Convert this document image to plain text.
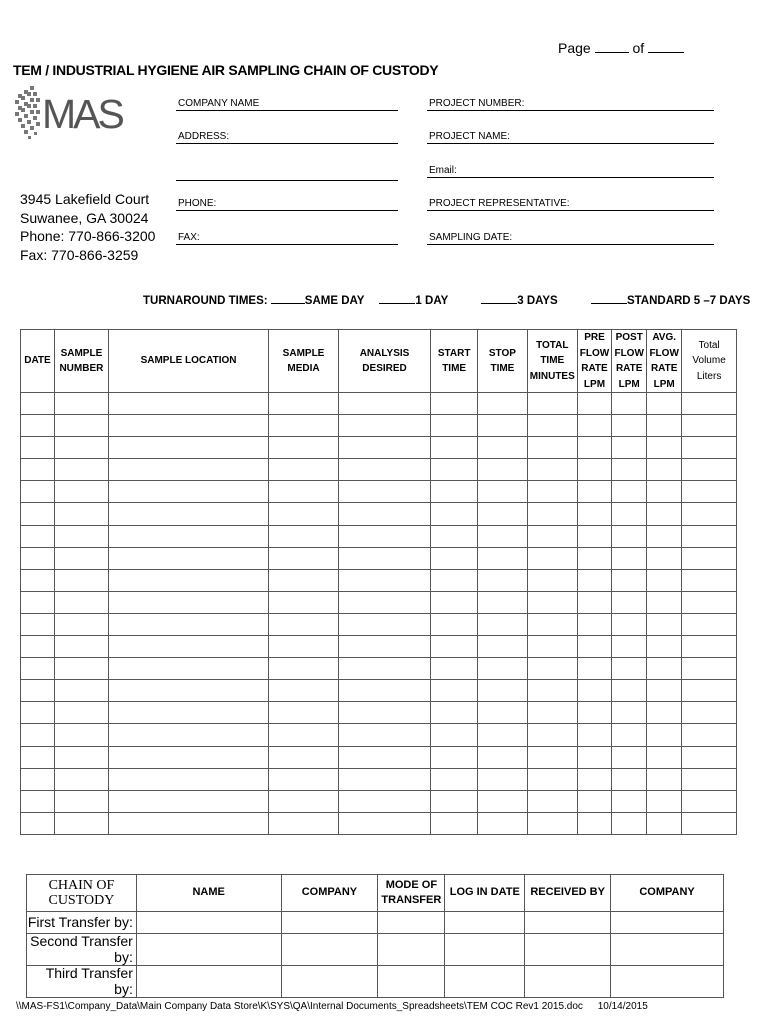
Page	of
TEM / INDUSTRIAL HYGIENE AIR SAMPLING CHAIN OF CUSTODY
MAS	COMPANY NAME
ADDRESS:
PHONE:
FAX:
PROJECT NUMBER:
PROJECT NAME:
Email:
PROJECT REPRESENTATIVE:
SAMPLING DATE:
3945 Lakefield Court
Suwanee, GA 30024
Phone: 770-866-3200
Fax: 770-866-3259
TURNAROUND TIMES:	SAME DAY	1 DAY	3 DAYS	STANDARD 5 –7 DAYS
DATE	SAMPLE NUMBER	SAMPLE LOCATION	SAMPLE MEDIA	ANALYSIS DESIRED	START TIME	STOP TIME	TOTAL TIME MINUTES	PRE FLOW RATE LPM	POST FLOW RATE LPM	AVG. FLOW RATE LPM	Total Volume Liters

CHAIN OF CUSTODY	NAME	COMPANY	MODE OF TRANSFER	LOG IN DATE	RECEIVED BY	COMPANY
First Transfer by:						
Second Transfer by:						
Third Transfer by:						
\\MAS-FS1\Company_Data\Main Company Data Store\K\SYS\QA\Internal Documents_Spreadsheets\TEM COC Rev1 2015.doc 10/14/2015
